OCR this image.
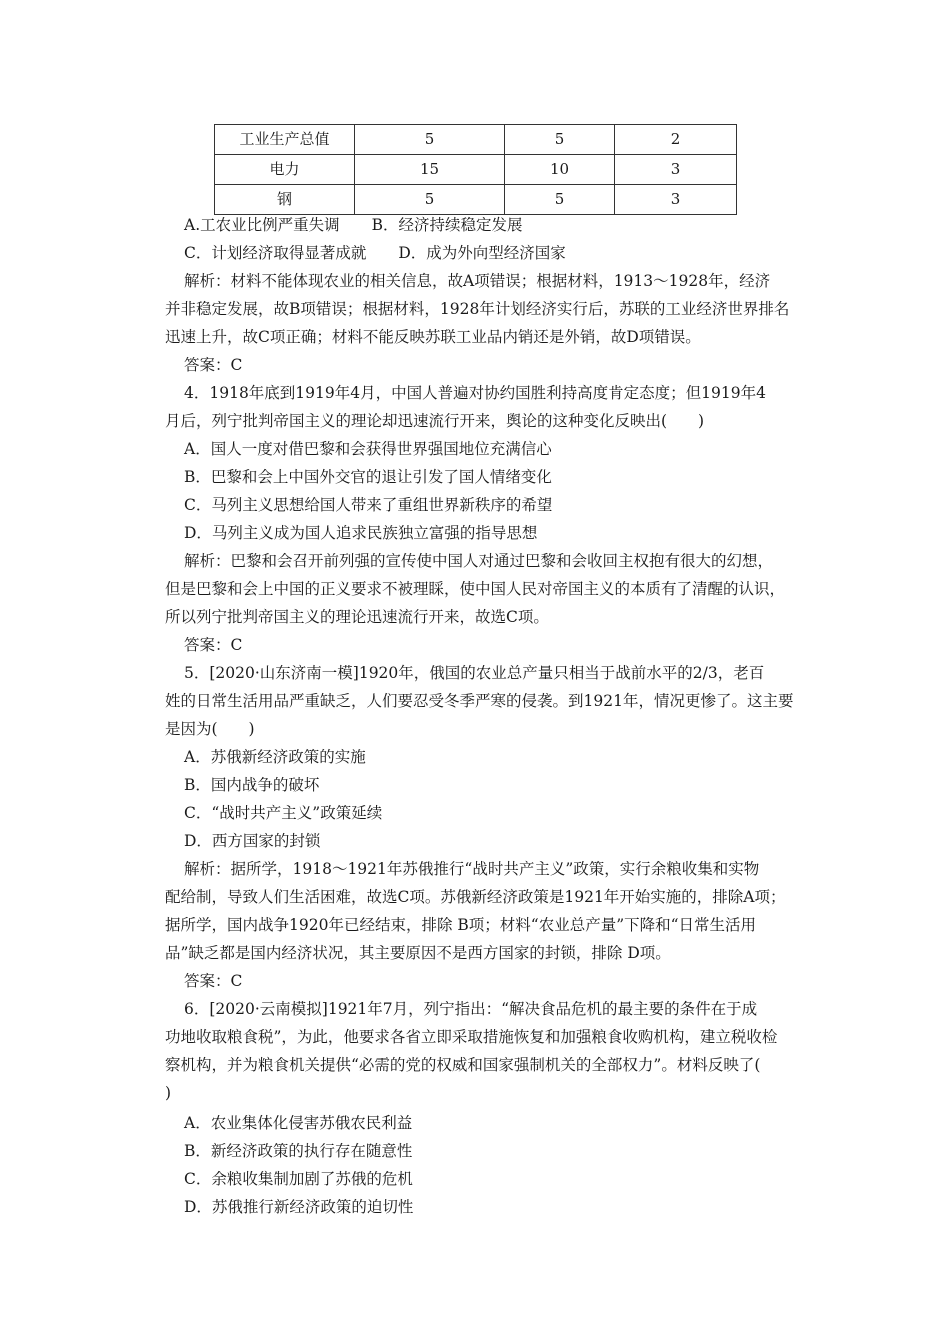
工业生产总值	5	5	2
电力	15	10	3
钢	5	5	3
A.工农业比例严重失调 B．经济持续稳定发展
C．计划经济取得显著成就 D．成为外向型经济国家
解析：材料不能体现农业的相关信息，故A项错误；根据材料，1913～1928年，经济
并非稳定发展，故B项错误；根据材料，1928年计划经济实行后，苏联的工业经济世界排名
迅速上升，故C项正确；材料不能反映苏联工业品内销还是外销，故D项错误。
答案：C
4．1918年底到1919年4月，中国人普遍对协约国胜利持高度肯定态度；但1919年4
月后，列宁批判帝国主义的理论却迅速流行开来，舆论的这种变化反映出(　　)
A．国人一度对借巴黎和会获得世界强国地位充满信心
B．巴黎和会上中国外交官的退让引发了国人情绪变化
C．马列主义思想给国人带来了重组世界新秩序的希望
D．马列主义成为国人追求民族独立富强的指导思想
解析：巴黎和会召开前列强的宣传使中国人对通过巴黎和会收回主权抱有很大的幻想，
但是巴黎和会上中国的正义要求不被理睬，使中国人民对帝国主义的本质有了清醒的认识，
所以列宁批判帝国主义的理论迅速流行开来，故选C项。
答案：C
5．[2020·山东济南一模]1920年，俄国的农业总产量只相当于战前水平的2/3，老百
姓的日常生活用品严重缺乏，人们要忍受冬季严寒的侵袭。到1921年，情况更惨了。这主要
是因为(　　)
A．苏俄新经济政策的实施
B．国内战争的破坏
C．“战时共产主义”政策延续
D．西方国家的封锁
解析：据所学，1918～1921年苏俄推行“战时共产主义”政策，实行余粮收集和实物
配给制，导致人们生活困难，故选C项。苏俄新经济政策是1921年开始实施的，排除A项；
据所学，国内战争1920年已经结束，排除 B项；材料“农业总产量”下降和“日常生活用
品”缺乏都是国内经济状况，其主要原因不是西方国家的封锁，排除 D项。
答案：C
6．[2020·云南模拟]1921年7月，列宁指出：“解决食品危机的最主要的条件在于成
功地收取粮食税”，为此，他要求各省立即采取措施恢复和加强粮食收购机构，建立税收检
察机构，并为粮食机关提供“必需的党的权威和国家强制机关的全部权力”。材料反映了(
)
A．农业集体化侵害苏俄农民利益
B．新经济政策的执行存在随意性
C．余粮收集制加剧了苏俄的危机
D．苏俄推行新经济政策的迫切性
